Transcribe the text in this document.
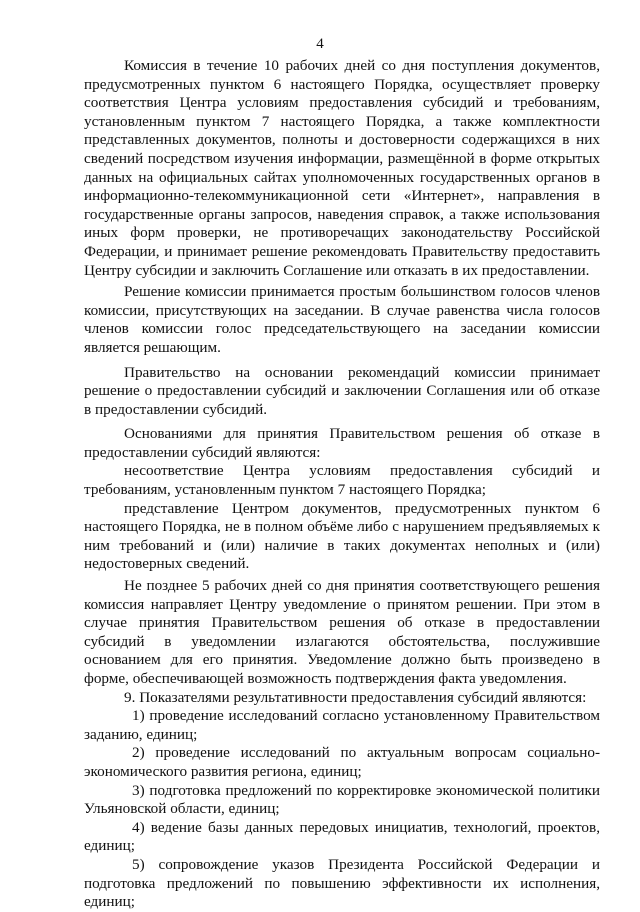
4

Комиссия в течение 10 рабочих дней со дня поступления документов, предусмотренных пунктом 6 настоящего Порядка, осуществляет проверку соответствия Центра условиям предоставления субсидий и требованиям, установленным пунктом 7 настоящего Порядка, а также комплектности представленных документов, полноты и достоверности содержащихся в них сведений посредством изучения информации, размещённой в форме открытых данных на официальных сайтах уполномоченных государственных органов в информационно-телекоммуникационной сети «Интернет», направления в государственные органы запросов, наведения справок, а также использования иных форм проверки, не противоречащих законодательству Российской Федерации, и принимает решение рекомендовать Правительству предоставить Центру субсидии и заключить Соглашение или отказать в их предоставлении.

Решение комиссии принимается простым большинством голосов членов комиссии, присутствующих на заседании. В случае равенства числа голосов членов комиссии голос председательствующего на заседании комиссии является решающим.

Правительство на основании рекомендаций комиссии принимает решение о предоставлении субсидий и заключении Соглашения или об отказе в предоставлении субсидий.

Основаниями для принятия Правительством решения об отказе в предоставлении субсидий являются:

несоответствие Центра условиям предоставления субсидий и требованиям, установленным пунктом 7 настоящего Порядка;

представление Центром документов, предусмотренных пунктом 6 настоящего Порядка, не в полном объёме либо с нарушением предъявляемых к ним требований и (или) наличие в таких документах неполных и (или) недостоверных сведений.

Не позднее 5 рабочих дней со дня принятия соответствующего решения комиссия направляет Центру уведомление о принятом решении. При этом в случае принятия Правительством решения об отказе в предоставлении субсидий в уведомлении излагаются обстоятельства, послужившие основанием для его принятия. Уведомление должно быть произведено в форме, обеспечивающей возможность подтверждения факта уведомления.

9. Показателями результативности предоставления субсидий являются:

1) проведение исследований согласно установленному Правительством заданию, единиц;

2) проведение исследований по актуальным вопросам социально-экономического развития региона, единиц;

3) подготовка предложений по корректировке экономической политики Ульяновской области, единиц;

4) ведение базы данных передовых инициатив, технологий, проектов, единиц;

5) сопровождение указов Президента Российской Федерации и подготовка предложений по повышению эффективности их исполнения, единиц;
